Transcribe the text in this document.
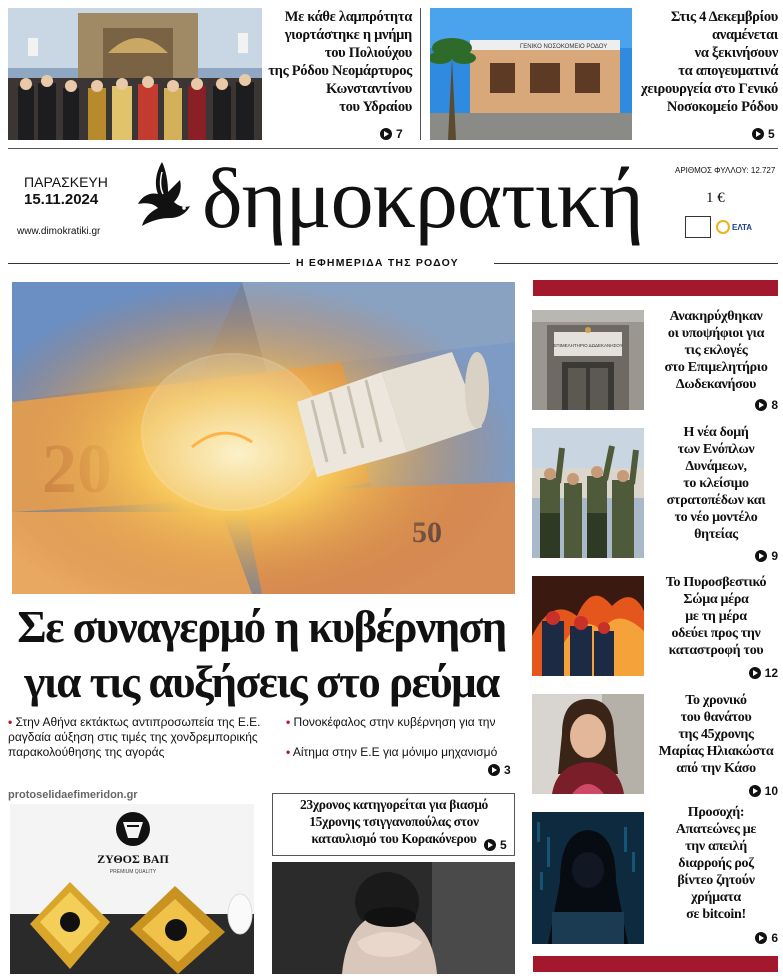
Με κάθε λαμπρότητα
γιορτάστηκε η μνήμη
του Πολιούχου
της Ρόδου Νεομάρτυρος
Κωνσταντίνου
του Υδραίου
7
ΓΕΝΙΚΟ ΝΟΣΟΚΟΜΕΙΟ ΡΟΔΟΥ
Στις 4 Δεκεμβρίου
αναμένεται
να ξεκινήσουν
τα απογευματινά
χειρουργεία στο Γενικό
Νοσοκομείο Ρόδου
5
ΠΑΡΑΣΚΕΥΗ
15.11.2024
www.dimokratiki.gr δημοκρατική	ΑΡΙΘΜΟΣ ΦΥΛΛΟΥ: 12.727
1 €
ΕΛΤΑ
Η ΕΦΗΜΕΡΙΔΑ ΤΗΣ ΡΟΔΟΥ
Σε συναγερμό η κυβέρνηση
για τις αυξήσεις στο ρεύμα
• Στην Αθήνα εκτάκτως αντιπροσωπεία της Ε.Ε.
ραγδαία αύξηση στις τιμές της χονδρεμπορικής
παρακολούθησης της αγοράς
• Πονοκέφαλος στην κυβέρνηση για την

• Αίτημα στην Ε.Ε για μόνιμο μηχανισμό
3
protoselidaefimeridon.gr
ΖΥΘΟΣ ΒΑΠ
PREMIUM QUALITY
23χρονος κατηγορείται για βιασμό
15χρονης τσιγγανοπούλας στον
καταυλισμό του Κορακόνερου	5
ΕΠΙΜΕΛΗΤΗΡΙΟ ΔΩΔΕΚΑΝΗΣΟΥ
Ανακηρύχθηκαν
οι υποψήφιοι για
τις εκλογές
στο Επιμελητήριο
Δωδεκανήσου
8
Η νέα δομή
των Ενόπλων
Δυνάμεων,
το κλείσιμο
στρατοπέδων και
το νέο μοντέλο
θητείας
9
Το Πυροσβεστικό
Σώμα μέρα
με τη μέρα
οδεύει προς την
καταστροφή του
12
Το χρονικό
του θανάτου
της 45χρονης
Μαρίας Ηλιακώστα
από την Κάσο
10
Προσοχή:
Απατεώνες με
την απειλή
διαρροής ροζ
βίντεο ζητούν
χρήματα
σε bitcoin!
6
